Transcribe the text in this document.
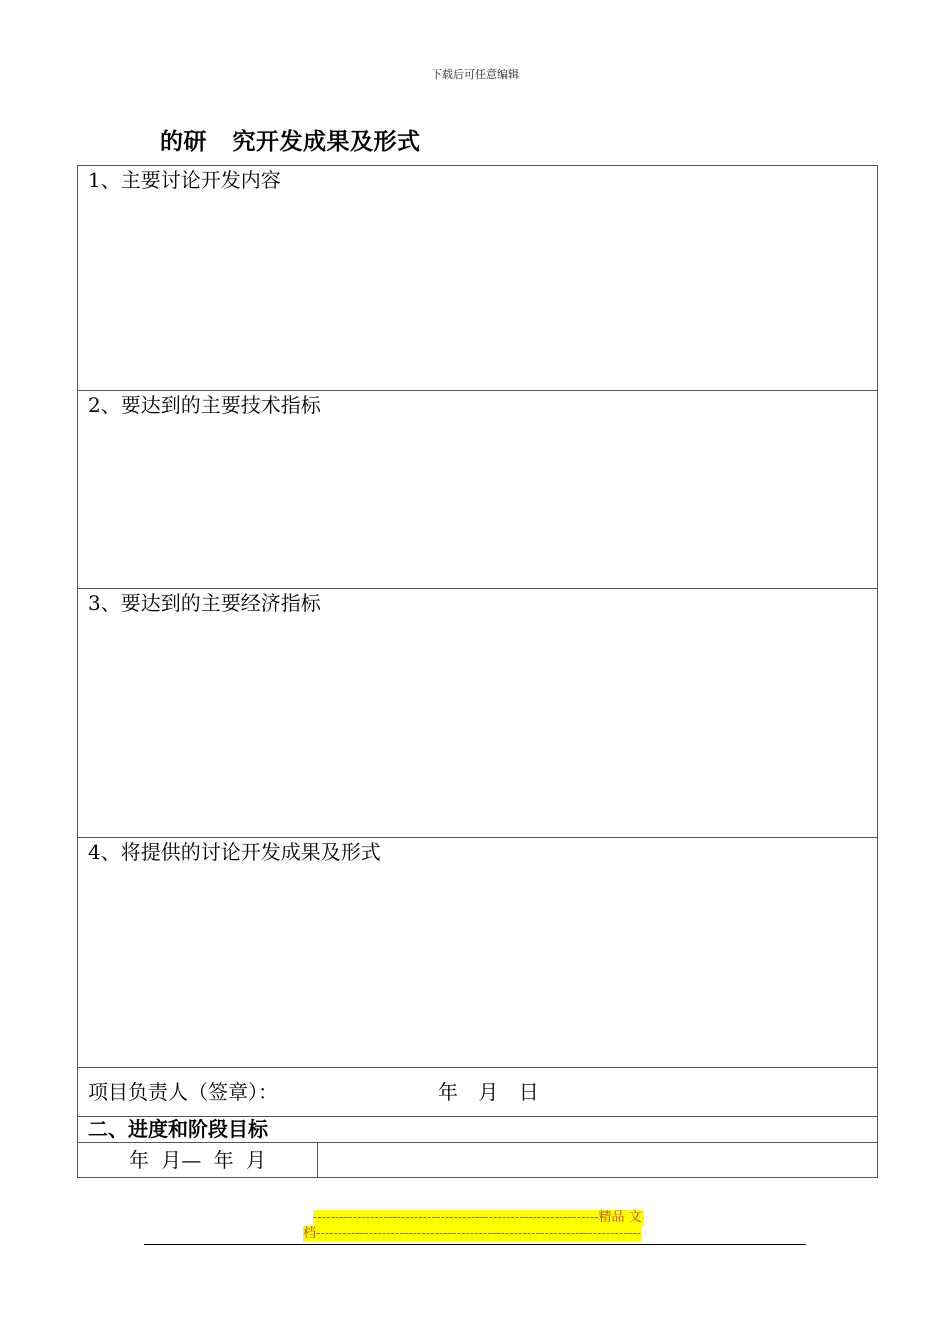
下载后可任意编辑
的研   究开发成果及形式
1、主要讨论开发内容
2、要达到的主要技术指标
3、要达到的主要经济指标
4、将提供的讨论开发成果及形式
项目负责人（签章）：	年 月 日
二、进度和阶段目标
年 月— 年 月	
-----------------------------------------------------------------精品 文
档--------------------------------------------------------------------------
